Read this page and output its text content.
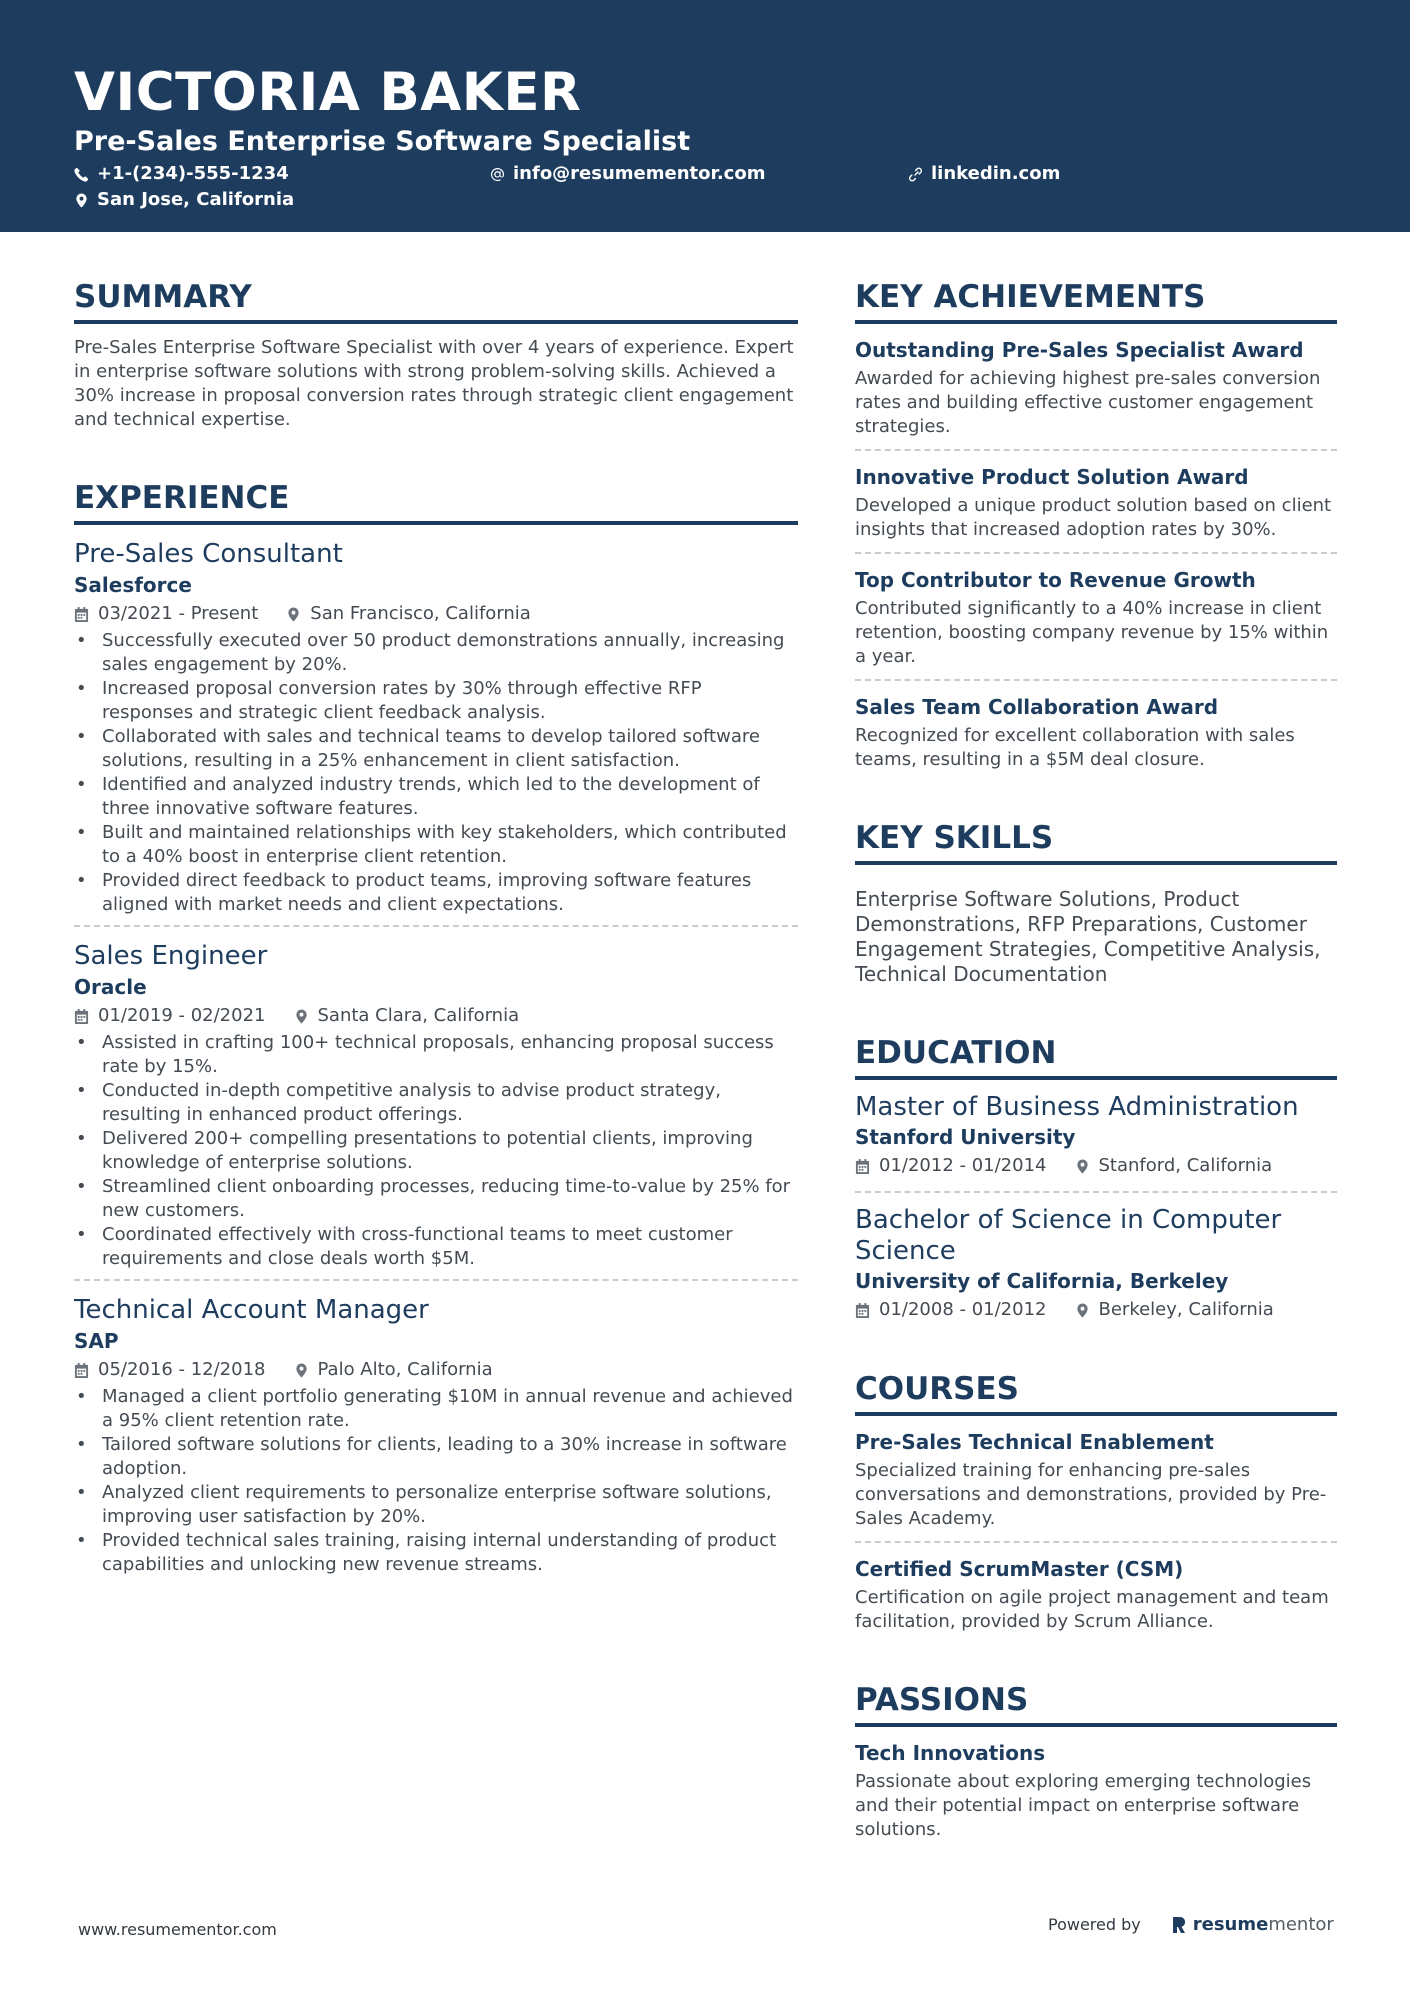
VICTORIA BAKER
Pre-Sales Enterprise Software Specialist
+1-(234)-555-1234	info@resumementor.com	linkedin.com
San Jose, California
SUMMARY

Pre-Sales Enterprise Software Specialist with over 4 years of experience. Expert in enterprise software solutions with strong problem-solving skills. Achieved a 30% increase in proposal conversion rates through strategic client engagement and technical expertise.

EXPERIENCE
Pre-Sales Consultant
Salesforce
03/2021 - Present	San Francisco, California
• Successfully executed over 50 product demonstrations annually, increasing sales engagement by 20%.
• Increased proposal conversion rates by 30% through effective RFP responses and strategic client feedback analysis.
• Collaborated with sales and technical teams to develop tailored software solutions, resulting in a 25% enhancement in client satisfaction.
• Identified and analyzed industry trends, which led to the development of three innovative software features.
• Built and maintained relationships with key stakeholders, which contributed to a 40% boost in enterprise client retention.
• Provided direct feedback to product teams, improving software features aligned with market needs and client expectations.
Sales Engineer
Oracle
01/2019 - 02/2021	Santa Clara, California
• Assisted in crafting 100+ technical proposals, enhancing proposal success rate by 15%.
• Conducted in-depth competitive analysis to advise product strategy, resulting in enhanced product offerings.
• Delivered 200+ compelling presentations to potential clients, improving knowledge of enterprise solutions.
• Streamlined client onboarding processes, reducing time-to-value by 25% for new customers.
• Coordinated effectively with cross-functional teams to meet customer requirements and close deals worth $5M.
Technical Account Manager
SAP
05/2016 - 12/2018	Palo Alto, California
• Managed a client portfolio generating $10M in annual revenue and achieved a 95% client retention rate.
• Tailored software solutions for clients, leading to a 30% increase in software adoption.
• Analyzed client requirements to personalize enterprise software solutions, improving user satisfaction by 20%.
• Provided technical sales training, raising internal understanding of product capabilities and unlocking new revenue streams.
KEY ACHIEVEMENTS
Outstanding Pre-Sales Specialist Award
Awarded for achieving highest pre-sales conversion rates and building effective customer engagement strategies.
Innovative Product Solution Award
Developed a unique product solution based on client insights that increased adoption rates by 30%.
Top Contributor to Revenue Growth
Contributed significantly to a 40% increase in client retention, boosting company revenue by 15% within a year.
Sales Team Collaboration Award
Recognized for excellent collaboration with sales teams, resulting in a $5M deal closure.
KEY SKILLS
Enterprise Software Solutions, Product Demonstrations, RFP Preparations, Customer Engagement Strategies, Competitive Analysis, Technical Documentation
EDUCATION
Master of Business Administration
Stanford University
01/2012 - 01/2014	Stanford, California
Bachelor of Science in Computer Science
University of California, Berkeley
01/2008 - 01/2012	Berkeley, California
COURSES
Pre-Sales Technical Enablement
Specialized training for enhancing pre-sales conversations and demonstrations, provided by Pre-Sales Academy.
Certified ScrumMaster (CSM)
Certification on agile project management and team facilitation, provided by Scrum Alliance.
PASSIONS
Tech Innovations
Passionate about exploring emerging technologies and their potential impact on enterprise software solutions.
www.resumementor.com	Powered by	resume mentor
